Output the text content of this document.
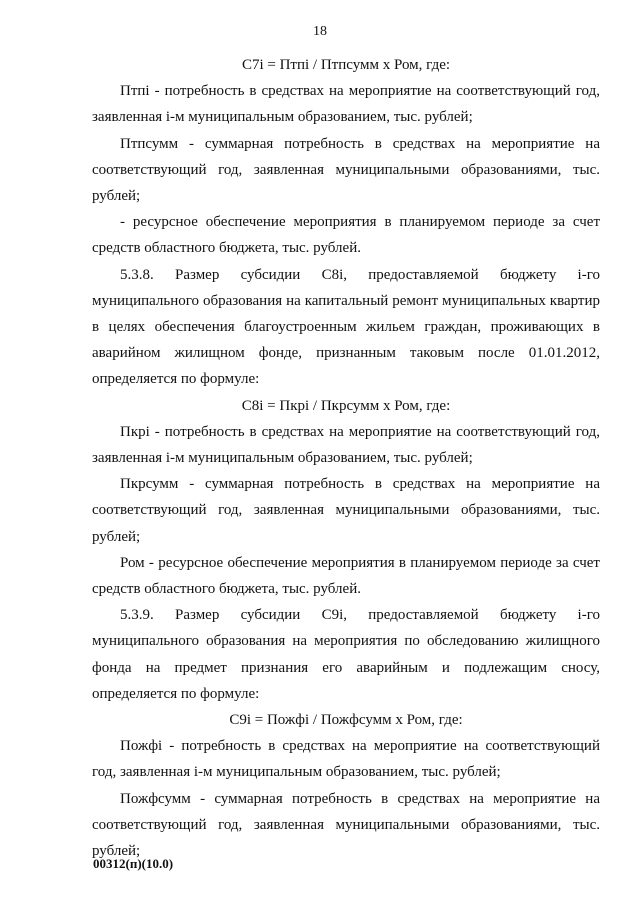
18

С7i = Птпi / Птпсумм х Ром, где:

Птпi - потребность в средствах на мероприятие на соответствующий год, заявленная i-м муниципальным образованием, тыс. рублей;

Птпсумм - суммарная потребность в средствах на мероприятие на соответствующий год, заявленная муниципальными образованиями, тыс. рублей;

- ресурсное обеспечение мероприятия в планируемом периоде за счет средств областного бюджета, тыс. рублей.

5.3.8. Размер субсидии С8i, предоставляемой бюджету i-го муниципального образования на капитальный ремонт муниципальных квартир в целях обеспечения благоустроенным жильем граждан, проживающих в аварийном жилищном фонде, признанным таковым после 01.01.2012, определяется по формуле:

С8i = Пкрi / Пкрсумм х Ром, где:

Пкрi - потребность в средствах на мероприятие на соответствующий год, заявленная i-м муниципальным образованием, тыс. рублей;

Пкрсумм - суммарная потребность в средствах на мероприятие на соответствующий год, заявленная муниципальными образованиями, тыс. рублей;

Ром - ресурсное обеспечение мероприятия в планируемом периоде за счет средств областного бюджета, тыс. рублей.

5.3.9. Размер субсидии С9i, предоставляемой бюджету i-го муниципального образования на мероприятия по обследованию жилищного фонда на предмет признания его аварийным и подлежащим сносу, определяется по формуле:

С9i = Пожфi / Пожфсумм х Ром, где:

Пожфi - потребность в средствах на мероприятие на соответствующий год, заявленная i-м муниципальным образованием, тыс. рублей;

Пожфсумм - суммарная потребность в средствах на мероприятие на соответствующий год, заявленная муниципальными образованиями, тыс. рублей;

00312(п)(10.0)
